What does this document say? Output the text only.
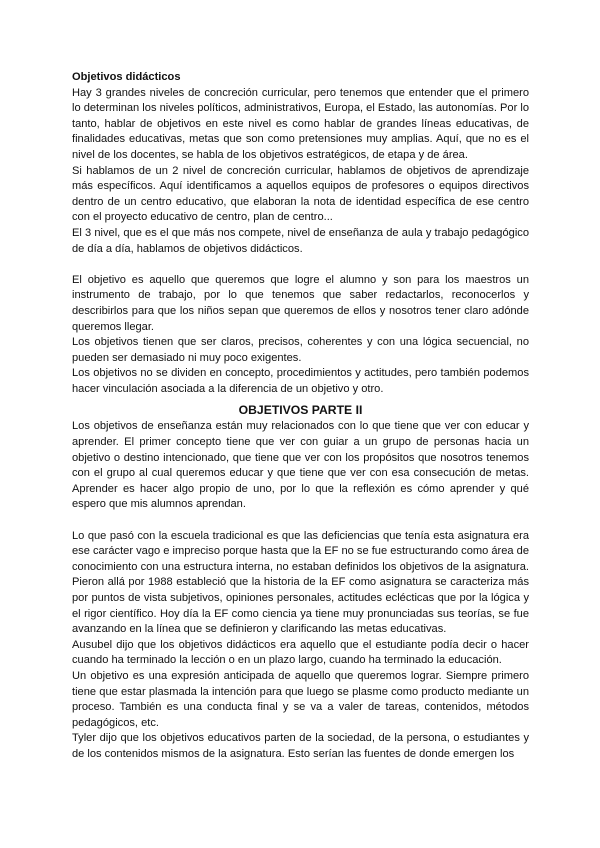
Objetivos didácticos

Hay 3 grandes niveles de concreción curricular, pero tenemos que entender que el primero lo determinan los niveles políticos, administrativos, Europa, el Estado, las autonomías. Por lo tanto, hablar de objetivos en este nivel es como hablar de grandes líneas educativas, de finalidades educativas, metas que son como pretensiones muy amplias. Aquí, que no es el nivel de los docentes, se habla de los objetivos estratégicos, de etapa y de área.

Si hablamos de un 2 nivel de concreción curricular, hablamos de objetivos de aprendizaje más específicos. Aquí identificamos a aquellos equipos de profesores o equipos directivos dentro de un centro educativo, que elaboran la nota de identidad específica de ese centro con el proyecto educativo de centro, plan de centro...

El 3 nivel, que es el que más nos compete, nivel de enseñanza de aula y trabajo pedagógico de día a día, hablamos de objetivos didácticos.

El objetivo es aquello que queremos que logre el alumno y son para los maestros un instrumento de trabajo, por lo que tenemos que saber redactarlos, reconocerlos y describirlos para que los niños sepan que queremos de ellos y nosotros tener claro adónde queremos llegar.

Los objetivos tienen que ser claros, precisos, coherentes y con una lógica secuencial, no pueden ser demasiado ni muy poco exigentes.

Los objetivos no se dividen en concepto, procedimientos y actitudes, pero también podemos hacer vinculación asociada a la diferencia de un objetivo y otro.

OBJETIVOS PARTE II

Los objetivos de enseñanza están muy relacionados con lo que tiene que ver con educar y aprender. El primer concepto tiene que ver con guiar a un grupo de personas hacia un objetivo o destino intencionado, que tiene que ver con los propósitos que nosotros tenemos con el grupo al cual queremos educar y que tiene que ver con esa consecución de metas. Aprender es hacer algo propio de uno, por lo que la reflexión es cómo aprender y qué espero que mis alumnos aprendan.

Lo que pasó con la escuela tradicional es que las deficiencias que tenía esta asignatura era ese carácter vago e impreciso porque hasta que la EF no se fue estructurando como área de conocimiento con una estructura interna, no estaban definidos los objetivos de la asignatura. Pieron allá por 1988 estableció que la historia de la EF como asignatura se caracteriza más por puntos de vista subjetivos, opiniones personales, actitudes eclécticas que por la lógica y el rigor científico. Hoy día la EF como ciencia ya tiene muy pronunciadas sus teorías, se fue avanzando en la línea que se definieron y clarificando las metas educativas.

Ausubel dijo que los objetivos didácticos era aquello que el estudiante podía decir o hacer cuando ha terminado la lección o en un plazo largo, cuando ha terminado la educación.

Un objetivo es una expresión anticipada de aquello que queremos lograr. Siempre primero tiene que estar plasmada la intención para que luego se plasme como producto mediante un proceso. También es una conducta final y se va a valer de tareas, contenidos, métodos pedagógicos, etc.

Tyler dijo que los objetivos educativos parten de la sociedad, de la persona, o estudiantes y de los contenidos mismos de la asignatura. Esto serían las fuentes de donde emergen los
